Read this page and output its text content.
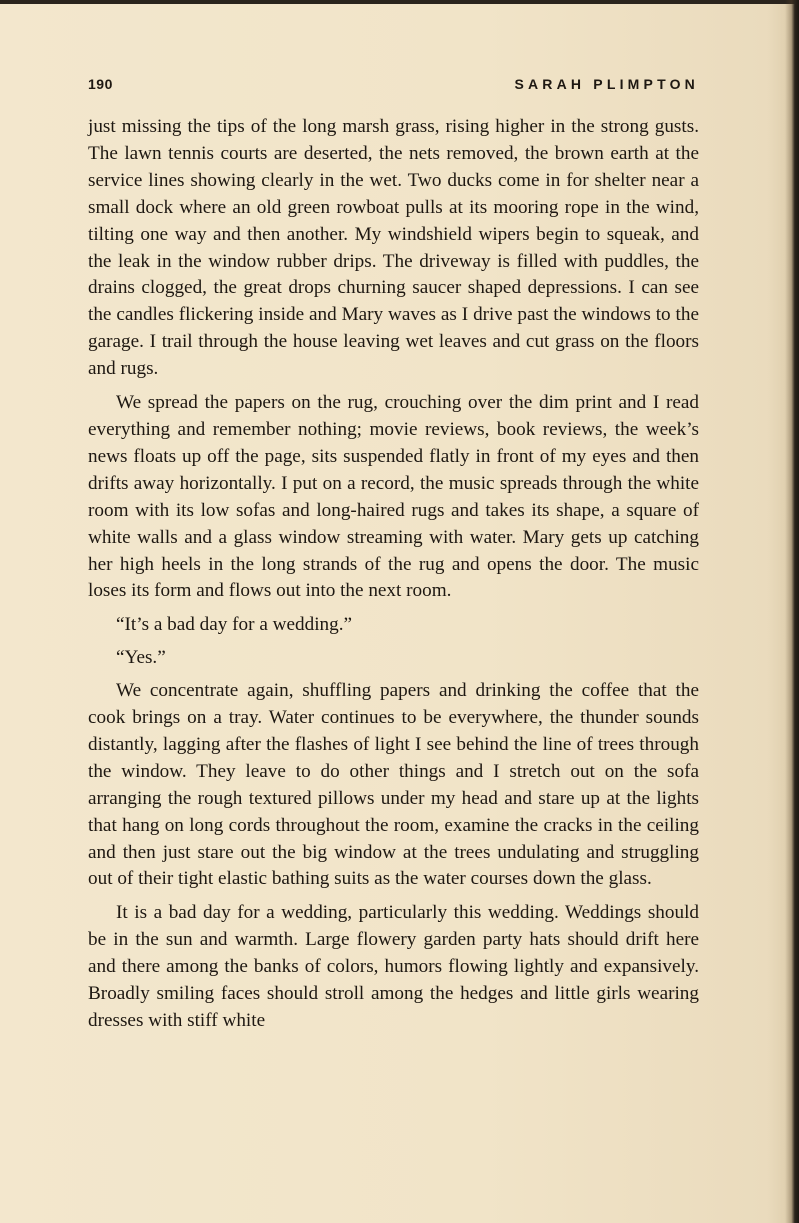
190	SARAH PLIMPTON

just missing the tips of the long marsh grass, rising higher in the strong gusts. The lawn tennis courts are deserted, the nets removed, the brown earth at the service lines showing clearly in the wet. Two ducks come in for shelter near a small dock where an old green rowboat pulls at its mooring rope in the wind, tilting one way and then another. My windshield wipers begin to squeak, and the leak in the window rubber drips. The driveway is filled with puddles, the drains clogged, the great drops churning saucer shaped depressions. I can see the candles flickering inside and Mary waves as I drive past the windows to the garage. I trail through the house leaving wet leaves and cut grass on the floors and rugs.

We spread the papers on the rug, crouching over the dim print and I read everything and remember nothing; movie reviews, book reviews, the week’s news floats up off the page, sits suspended flatly in front of my eyes and then drifts away horizontally. I put on a record, the music spreads through the white room with its low sofas and long-haired rugs and takes its shape, a square of white walls and a glass window streaming with water. Mary gets up catching her high heels in the long strands of the rug and opens the door. The music loses its form and flows out into the next room.

“It’s a bad day for a wedding.”

“Yes.”

We concentrate again, shuffling papers and drinking the coffee that the cook brings on a tray. Water continues to be everywhere, the thunder sounds distantly, lagging after the flashes of light I see behind the line of trees through the window. They leave to do other things and I stretch out on the sofa arranging the rough textured pillows under my head and stare up at the lights that hang on long cords throughout the room, examine the cracks in the ceiling and then just stare out the big window at the trees undulating and struggling out of their tight elastic bathing suits as the water courses down the glass.

It is a bad day for a wedding, particularly this wedding. Weddings should be in the sun and warmth. Large flowery garden party hats should drift here and there among the banks of colors, humors flowing lightly and expansively. Broadly smiling faces should stroll among the hedges and little girls wearing dresses with stiff white
